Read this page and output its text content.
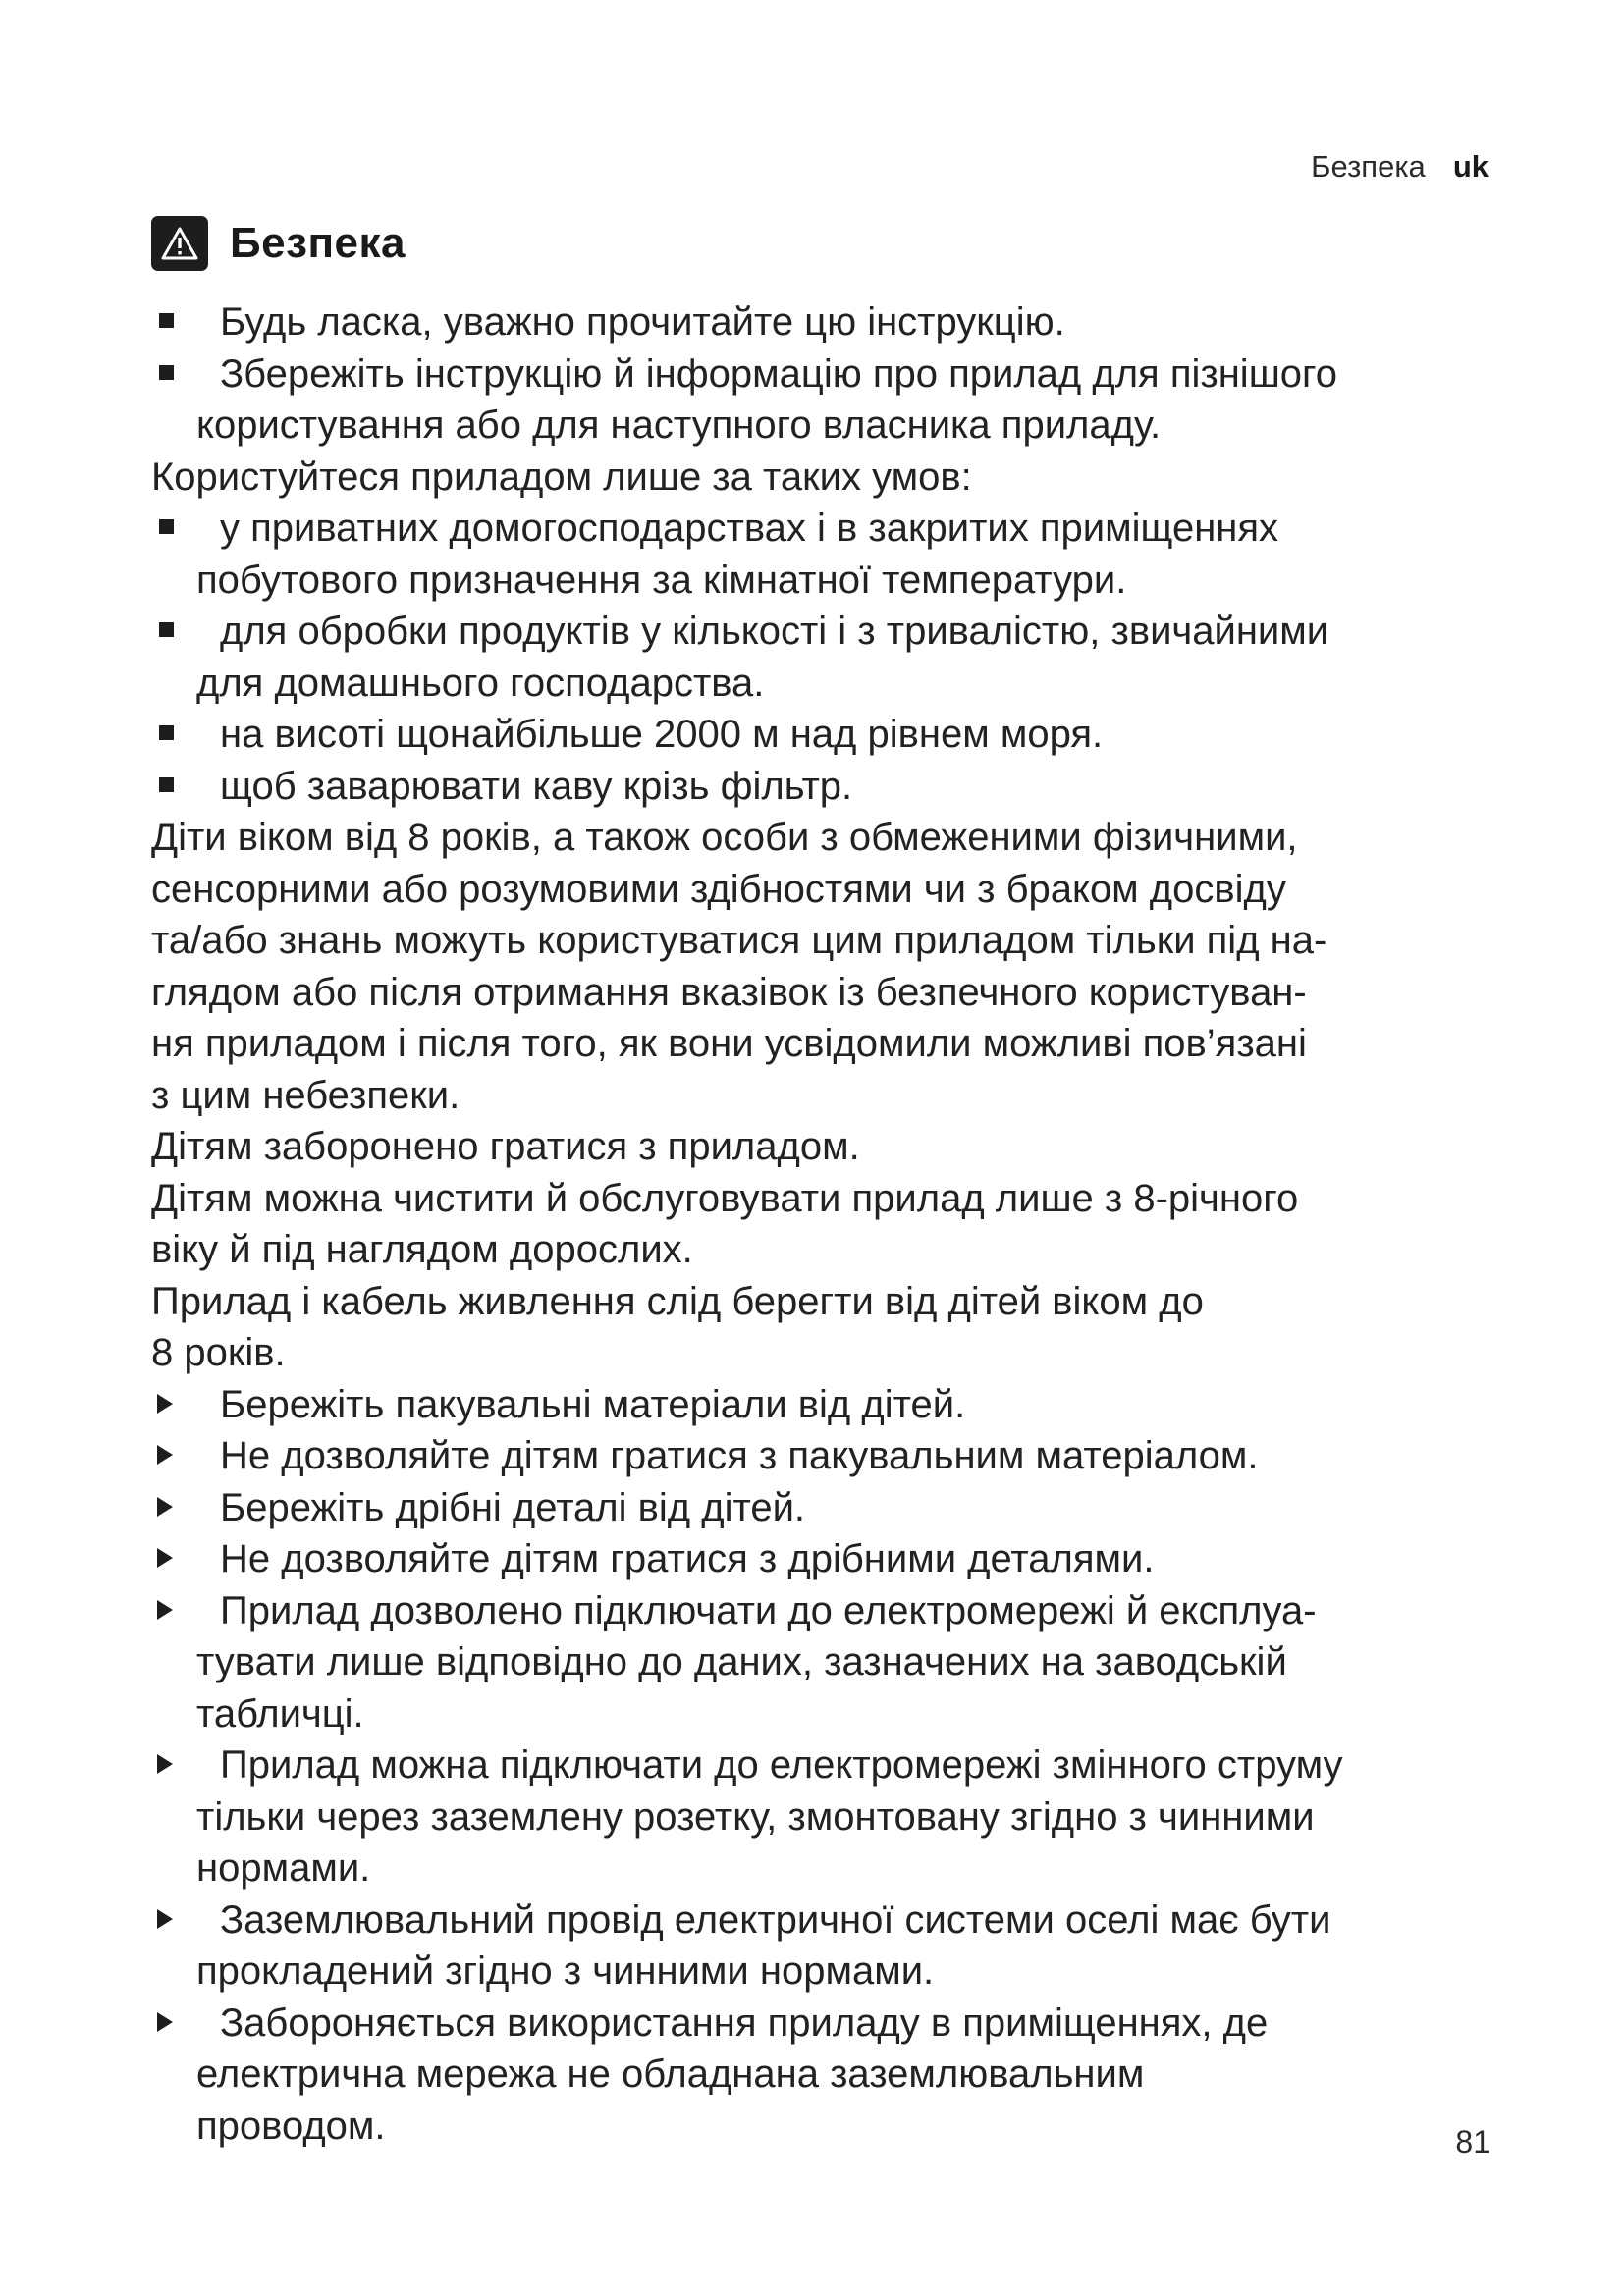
Безпека uk
Безпека
Будь ласка, уважно прочитайте цю інструкцію.
Збережіть інструкцію й інформацію про прилад для пізнішого
користування або для наступного власника приладу.
Користуйтеся приладом лише за таких умов:
у приватних домогосподарствах і в закритих приміщеннях
побутового призначення за кімнатної температури.
для обробки продуктів у кількості і з тривалістю, звичайними
для домашнього господарства.
на висоті щонайбільше 2000 м над рівнем моря.
щоб заварювати каву крізь фільтр.
Діти віком від 8 років, а також особи з обмеженими фізичними,
сенсорними або розумовими здібностями чи з браком досвіду
та/або знань можуть користуватися цим приладом тільки під на-
глядом або після отримання вказівок із безпечного користуван-
ня приладом і після того, як вони усвідомили можливі пов’язані
з цим небезпеки.
Дітям заборонено гратися з приладом.
Дітям можна чистити й обслуговувати прилад лише з 8-річного
віку й під наглядом дорослих.
Прилад і кабель живлення слід берегти від дітей віком до
8 років.
Бережіть пакувальні матеріали від дітей.
Не дозволяйте дітям гратися з пакувальним матеріалом.
Бережіть дрібні деталі від дітей.
Не дозволяйте дітям гратися з дрібними деталями.
Прилад дозволено підключати до електромережі й експлуа-
тувати лише відповідно до даних, зазначених на заводській
табличці.
Прилад можна підключати до електромережі змінного струму
тільки через заземлену розетку, змонтовану згідно з чинними
нормами.
Заземлювальний провід електричної системи оселі має бути
прокладений згідно з чинними нормами.
Забороняється використання приладу в приміщеннях, де
електрична мережа не обладнана заземлювальним
проводом.	81
